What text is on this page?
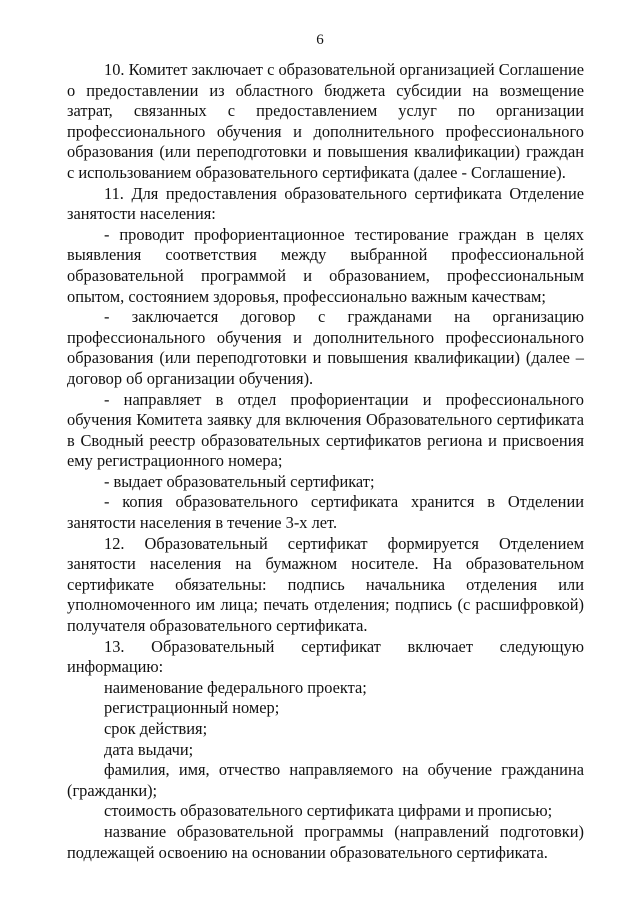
6

10. Комитет заключает с образовательной организацией Соглашение о предоставлении из областного бюджета субсидии на возмещение затрат, связанных с предоставлением услуг по организации профессионального обучения и дополнительного профессионального образования (или переподготовки и повышения квалификации) граждан с использованием образовательного сертификата (далее - Соглашение).

11. Для предоставления образовательного сертификата Отделение занятости населения:

- проводит профориентационное тестирование граждан в целях выявления соответствия между выбранной профессиональной образовательной программой и образованием, профессиональным опытом, состоянием здоровья, профессионально важным качествам;

- заключается договор с гражданами на организацию профессионального обучения и дополнительного профессионального образования (или переподготовки и повышения квалификации) (далее – договор об организации обучения).

- направляет в отдел профориентации и профессионального обучения Комитета заявку для включения Образовательного сертификата в Сводный реестр образовательных сертификатов региона и присвоения ему регистрационного номера;

- выдает образовательный сертификат;

- копия образовательного сертификата хранится в Отделении занятости населения в течение 3-х лет.

12. Образовательный сертификат формируется Отделением занятости населения на бумажном носителе. На образовательном сертификате обязательны: подпись начальника отделения или уполномоченного им лица; печать отделения; подпись (с расшифровкой) получателя образовательного сертификата.

13. Образовательный сертификат включает следующую информацию:

наименование федерального проекта;

регистрационный номер;

срок действия;

дата выдачи;

фамилия, имя, отчество направляемого на обучение гражданина (гражданки);

стоимость образовательного сертификата цифрами и прописью;

название образовательной программы (направлений подготовки) подлежащей освоению на основании образовательного сертификата.
